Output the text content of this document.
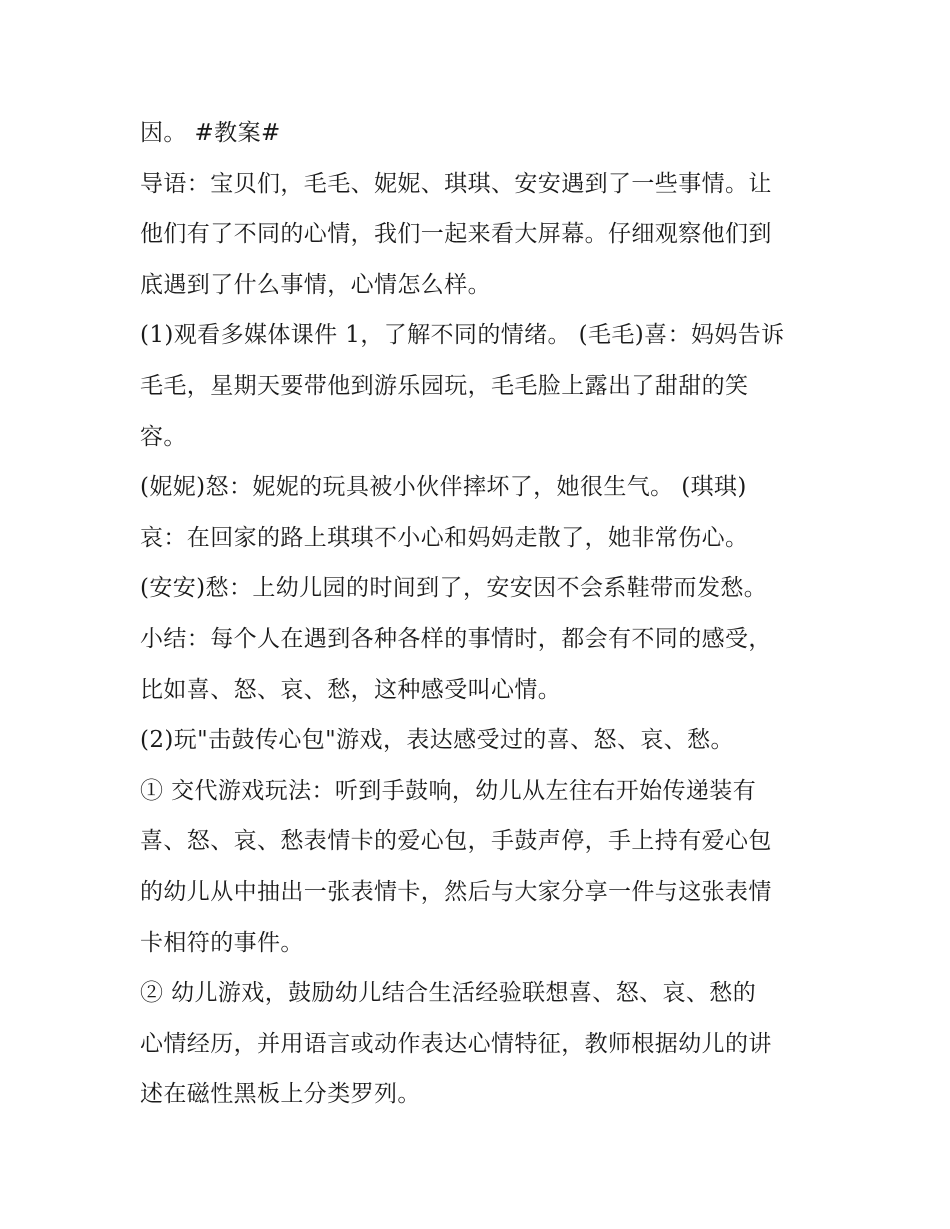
因。 #教案#
导语：宝贝们，毛毛、妮妮、琪琪、安安遇到了一些事情。让
他们有了不同的心情，我们一起来看大屏幕。仔细观察他们到
底遇到了什么事情，心情怎么样。
(1)观看多媒体课件 1，了解不同的情绪。 (毛毛)喜：妈妈告诉
毛毛，星期天要带他到游乐园玩，毛毛脸上露出了甜甜的笑
容。
(妮妮)怒：妮妮的玩具被小伙伴摔坏了，她很生气。 (琪琪)
哀：在回家的路上琪琪不小心和妈妈走散了，她非常伤心。
(安安)愁：上幼儿园的时间到了，安安因不会系鞋带而发愁。
小结：每个人在遇到各种各样的事情时，都会有不同的感受，
比如喜、怒、哀、愁，这种感受叫心情。
(2)玩"击鼓传心包"游戏，表达感受过的喜、怒、哀、愁。
① 交代游戏玩法：听到手鼓响，幼儿从左往右开始传递装有
喜、怒、哀、愁表情卡的爱心包，手鼓声停，手上持有爱心包
的幼儿从中抽出一张表情卡，然后与大家分享一件与这张表情
卡相符的事件。
② 幼儿游戏，鼓励幼儿结合生活经验联想喜、怒、哀、愁的
心情经历，并用语言或动作表达心情特征，教师根据幼儿的讲
述在磁性黑板上分类罗列。
